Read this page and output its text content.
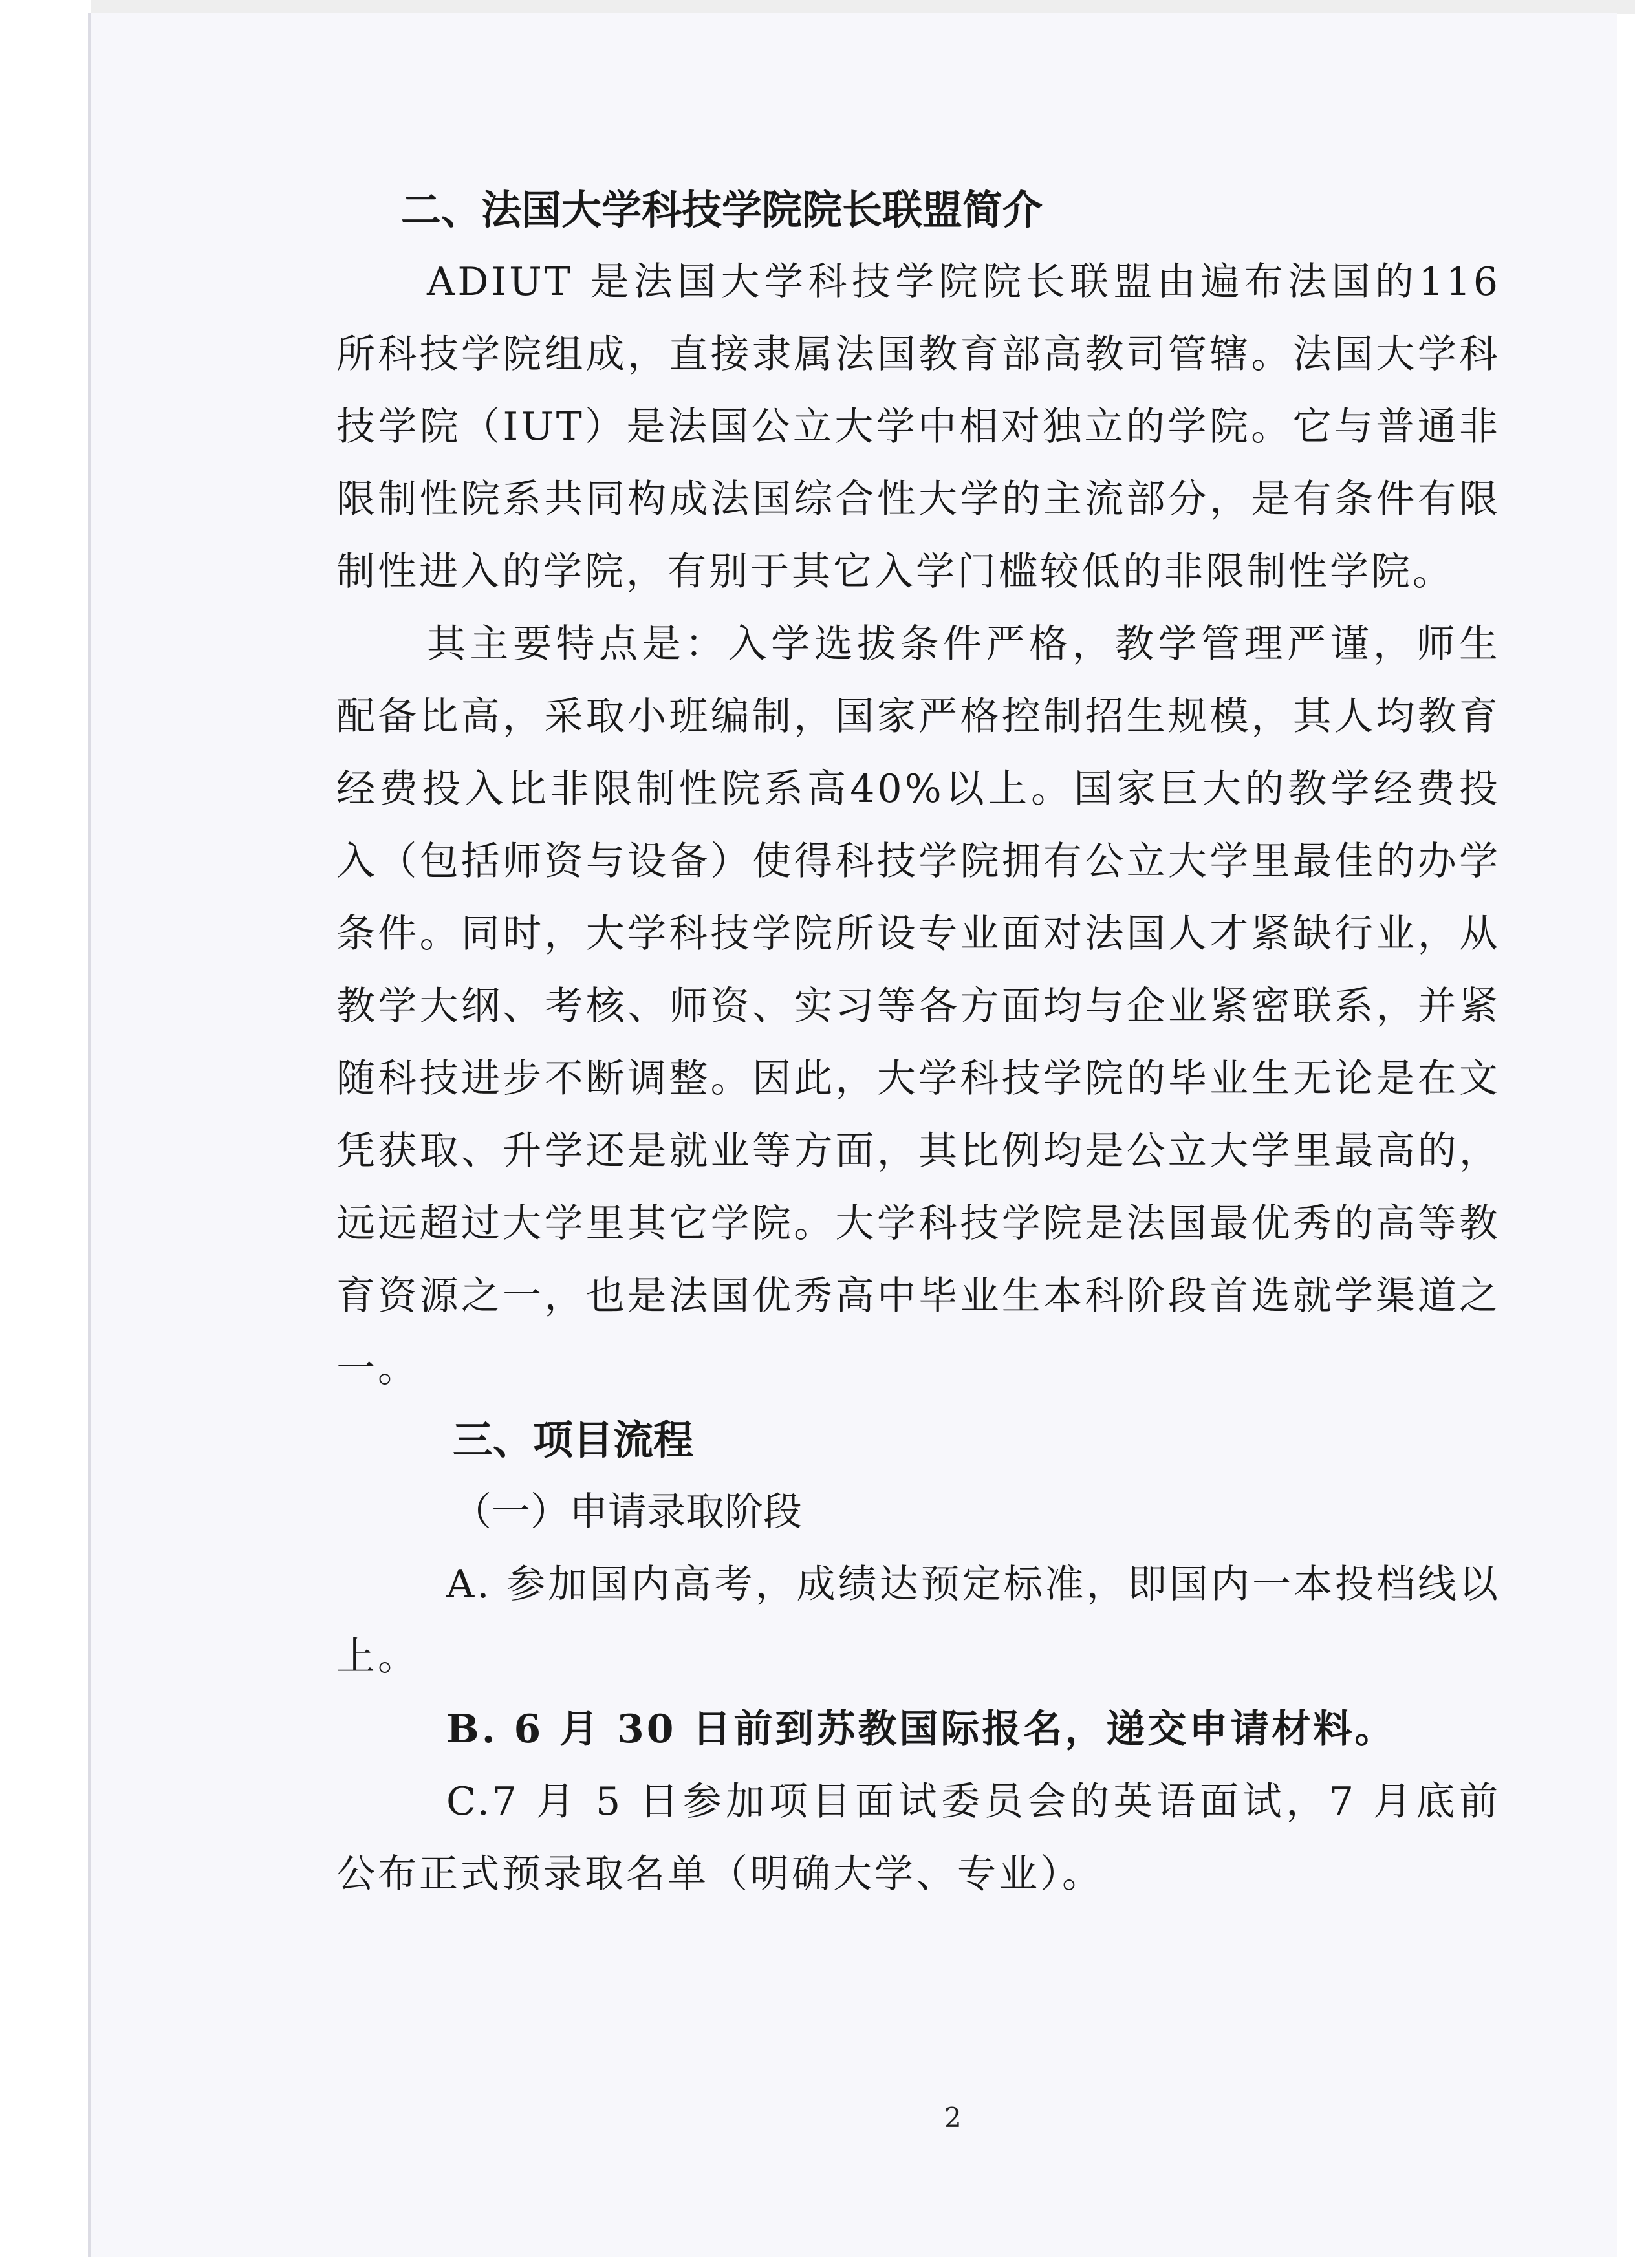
二、法国大学科技学院院长联盟简介

ADIUT 是法国大学科技学院院长联盟由遍布法国的116 所科技学院组成，直接隶属法国教育部高教司管辖。法国大学科技学院（IUT）是法国公立大学中相对独立的学院。它与普通非限制性院系共同构成法国综合性大学的主流部分，是有条件有限制性进入的学院，有别于其它入学门槛较低的非限制性学院。

其主要特点是：入学选拔条件严格，教学管理严谨，师生配备比高，采取小班编制，国家严格控制招生规模，其人均教育经费投入比非限制性院系高40%以上。国家巨大的教学经费投入（包括师资与设备）使得科技学院拥有公立大学里最佳的办学条件。同时，大学科技学院所设专业面对法国人才紧缺行业，从教学大纲、考核、师资、实习等各方面均与企业紧密联系，并紧随科技进步不断调整。因此，大学科技学院的毕业生无论是在文凭获取、升学还是就业等方面，其比例均是公立大学里最高的，远远超过大学里其它学院。大学科技学院是法国最优秀的高等教育资源之一，也是法国优秀高中毕业生本科阶段首选就学渠道之一。

三、项目流程

（一）申请录取阶段

A. 参加国内高考，成绩达预定标准，即国内一本投档线以上。

B. 6 月 30 日前到苏教国际报名，递交申请材料。

C.7 月 5 日参加项目面试委员会的英语面试，7 月底前公布正式预录取名单（明确大学、专业）。

2
